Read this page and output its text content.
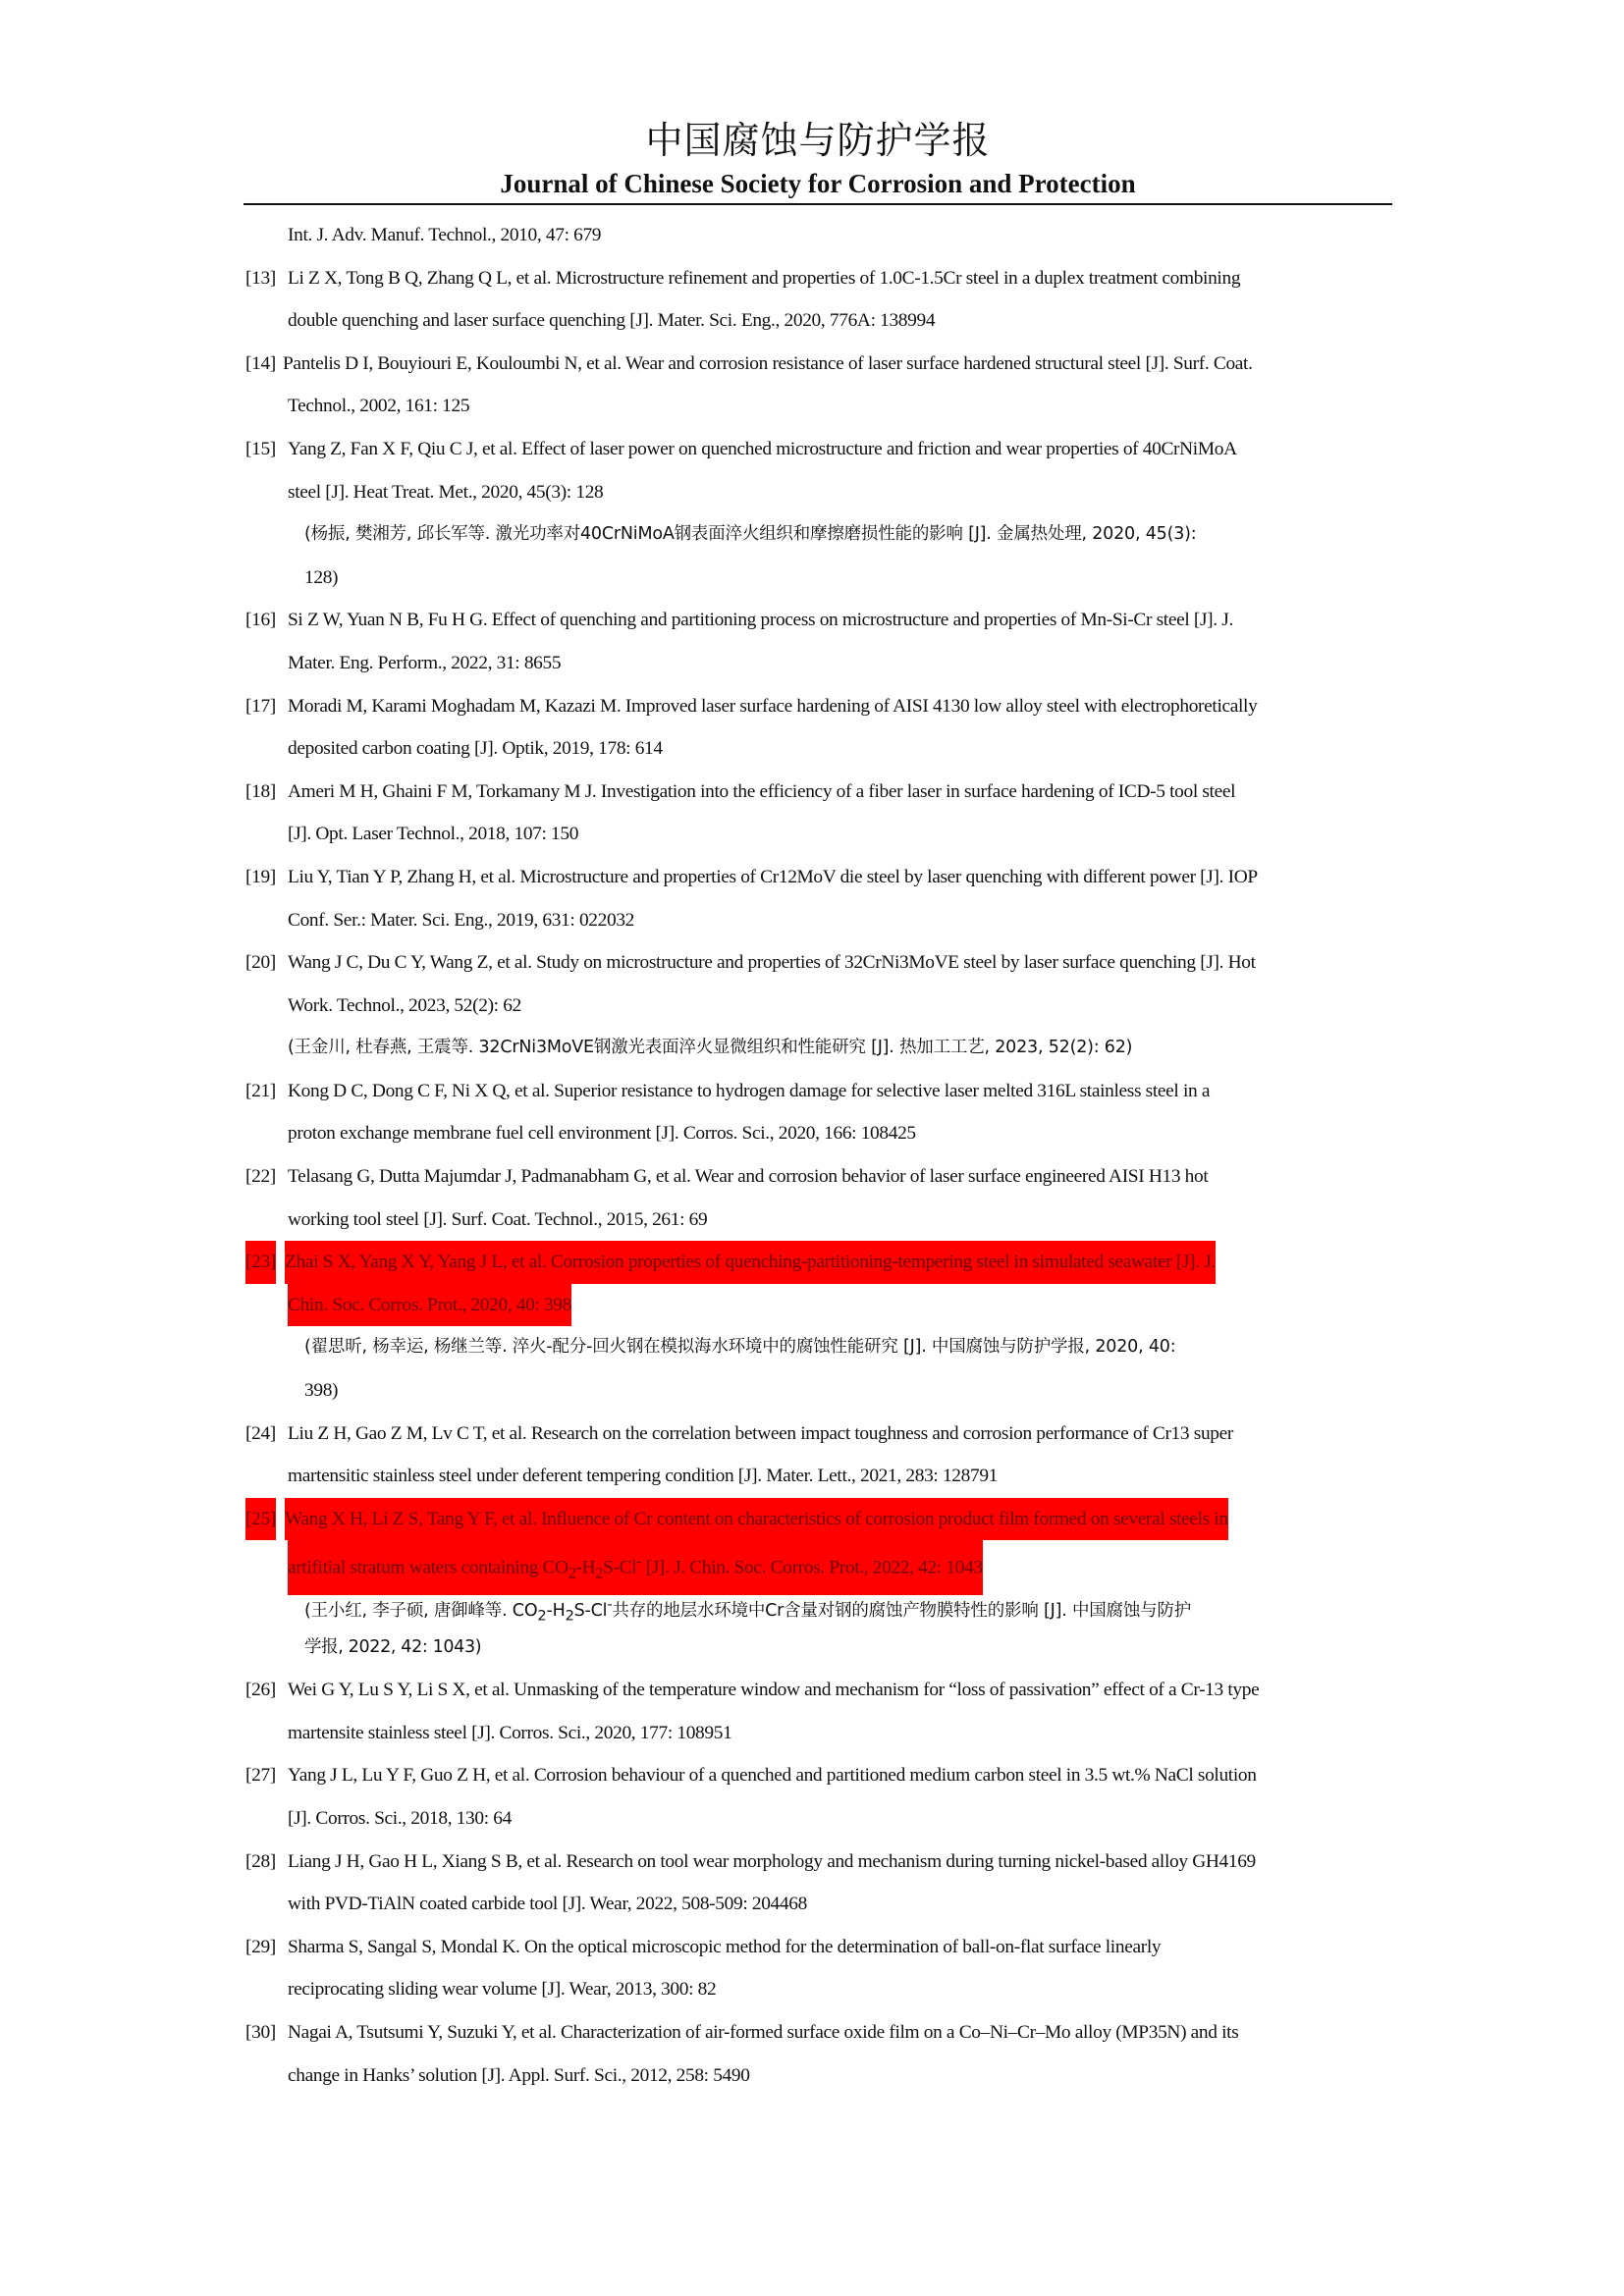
中国腐蚀与防护学报

Journal of Chinese Society for Corrosion and Protection

Int. J. Adv. Manuf. Technol., 2010, 47: 679
[13] Li Z X, Tong B Q, Zhang Q L, et al. Microstructure refinement and properties of 1.0C-1.5Cr steel in a duplex treatment combining
double quenching and laser surface quenching [J]. Mater. Sci. Eng., 2020, 776A: 138994
[14] Pantelis D I, Bouyiouri E, Kouloumbi N, et al. Wear and corrosion resistance of laser surface hardened structural steel [J]. Surf. Coat.
Technol., 2002, 161: 125
[15] Yang Z, Fan X F, Qiu C J, et al. Effect of laser power on quenched microstructure and friction and wear properties of 40CrNiMoA
steel [J]. Heat Treat. Met., 2020, 45(3): 128
(杨振, 樊湘芳, 邱长军等. 激光功率对40CrNiMoA钢表面淬火组织和摩擦磨损性能的影响 [J]. 金属热处理, 2020, 45(3):
128)
[16] Si Z W, Yuan N B, Fu H G. Effect of quenching and partitioning process on microstructure and properties of Mn-Si-Cr steel [J]. J.
Mater. Eng. Perform., 2022, 31: 8655
[17] Moradi M, Karami Moghadam M, Kazazi M. Improved laser surface hardening of AISI 4130 low alloy steel with electrophoretically
deposited carbon coating [J]. Optik, 2019, 178: 614
[18] Ameri M H, Ghaini F M, Torkamany M J. Investigation into the efficiency of a fiber laser in surface hardening of ICD-5 tool steel
[J]. Opt. Laser Technol., 2018, 107: 150
[19] Liu Y, Tian Y P, Zhang H, et al. Microstructure and properties of Cr12MoV die steel by laser quenching with different power [J]. IOP
Conf. Ser.: Mater. Sci. Eng., 2019, 631: 022032
[20] Wang J C, Du C Y, Wang Z, et al. Study on microstructure and properties of 32CrNi3MoVE steel by laser surface quenching [J]. Hot
Work. Technol., 2023, 52(2): 62
(王金川, 杜春燕, 王震等. 32CrNi3MoVE钢激光表面淬火显微组织和性能研究 [J]. 热加工工艺, 2023, 52(2): 62)
[21] Kong D C, Dong C F, Ni X Q, et al. Superior resistance to hydrogen damage for selective laser melted 316L stainless steel in a
proton exchange membrane fuel cell environment [J]. Corros. Sci., 2020, 166: 108425
[22] Telasang G, Dutta Majumdar J, Padmanabham G, et al. Wear and corrosion behavior of laser surface engineered AISI H13 hot
working tool steel [J]. Surf. Coat. Technol., 2015, 261: 69
[23] Zhai S X, Yang X Y, Yang J L, et al. Corrosion properties of quenching-partitioning-tempering steel in simulated seawater [J]. J.
Chin. Soc. Corros. Prot., 2020, 40: 398
(翟思昕, 杨幸运, 杨继兰等. 淬火-配分-回火钢在模拟海水环境中的腐蚀性能研究 [J]. 中国腐蚀与防护学报, 2020, 40:
398)
[24] Liu Z H, Gao Z M, Lv C T, et al. Research on the correlation between impact toughness and corrosion performance of Cr13 super
martensitic stainless steel under deferent tempering condition [J]. Mater. Lett., 2021, 283: 128791
[25] Wang X H, Li Z S, Tang Y F, et al. Influence of Cr content on characteristics of corrosion product film formed on several steels in
artifitial stratum waters containing $CO_2-H_2S-Cl^-$ [J]. J. Chin. Soc. Corros. Prot., 2022, 42: 1043
(王小红, 李子硕, 唐御峰等. $CO_2-H_2S-Cl^-$共存的地层水环境中Cr含量对钢的腐蚀产物膜特性的影响 [J]. 中国腐蚀与防护
学报, 2022, 42: 1043)
[26] Wei G Y, Lu S Y, Li S X, et al. Unmasking of the temperature window and mechanism for “loss of passivation” effect of a Cr-13 type
martensite stainless steel [J]. Corros. Sci., 2020, 177: 108951
[27] Yang J L, Lu Y F, Guo Z H, et al. Corrosion behaviour of a quenched and partitioned medium carbon steel in 3.5 wt.% NaCl solution
[J]. Corros. Sci., 2018, 130: 64
[28] Liang J H, Gao H L, Xiang S B, et al. Research on tool wear morphology and mechanism during turning nickel-based alloy GH4169
with PVD-TiAlN coated carbide tool [J]. Wear, 2022, 508-509: 204468
[29] Sharma S, Sangal S, Mondal K. On the optical microscopic method for the determination of ball-on-flat surface linearly
reciprocating sliding wear volume [J]. Wear, 2013, 300: 82
[30] Nagai A, Tsutsumi Y, Suzuki Y, et al. Characterization of air-formed surface oxide film on a Co–Ni–Cr–Mo alloy (MP35N) and its
change in Hanks’ solution [J]. Appl. Surf. Sci., 2012, 258: 5490
